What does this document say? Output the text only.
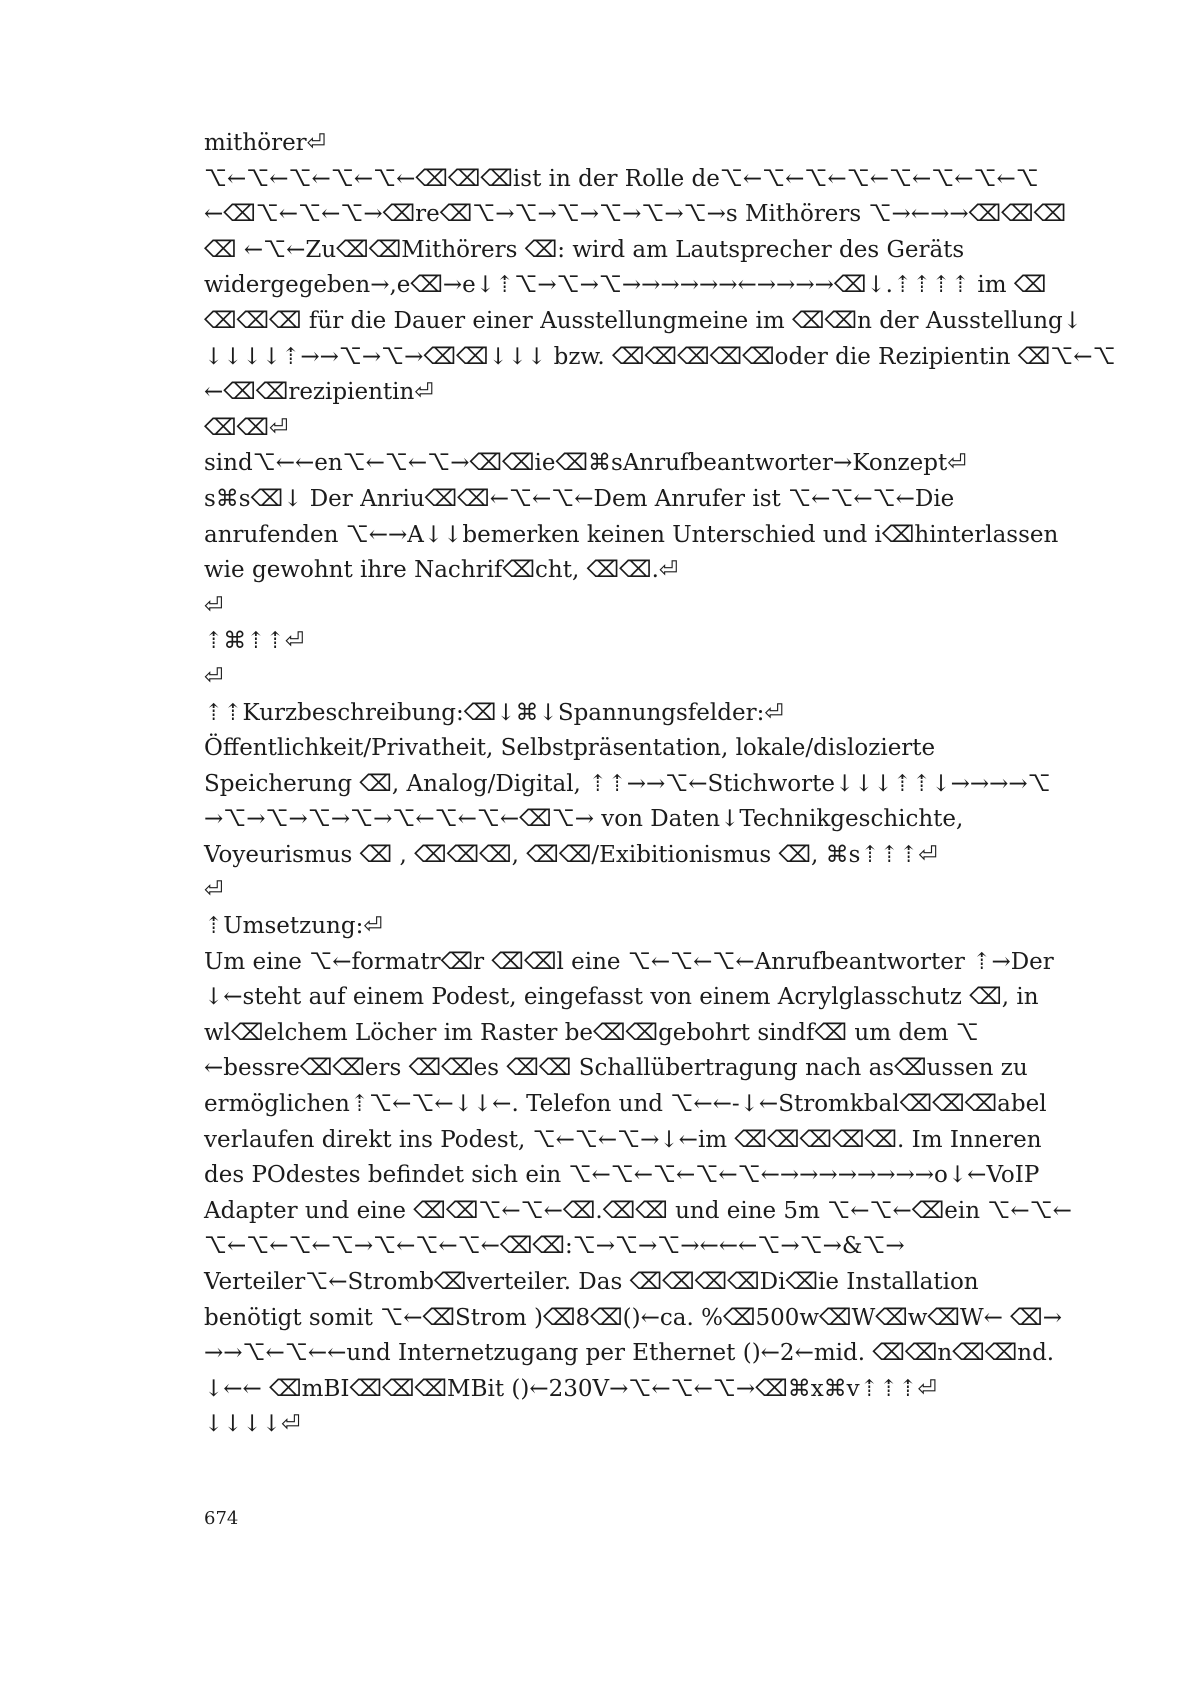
mithörer⏎
⌥←⌥←⌥←⌥←⌥←⌫⌫⌫ist in der Rolle de⌥←⌥←⌥←⌥←⌥←⌥←⌥←⌥
←⌫⌥←⌥←⌥→⌫re⌫⌥→⌥→⌥→⌥→⌥→⌥→s Mithörers ⌥→←→→⌫⌫⌫
⌫ ←⌥←Zu⌫⌫Mithörers ⌫: wird am Lautsprecher des Geräts
widergegeben→,e⌫→e↓⇡⌥→⌥→⌥→→→→→→←→→→→⌫↓.⇡⇡⇡⇡ im ⌫
⌫⌫⌫ für die Dauer einer Ausstellungmeine im ⌫⌫n der Ausstellung↓
↓↓↓↓⇡→→⌥→⌥→⌫⌫↓↓↓ bzw. ⌫⌫⌫⌫⌫oder die Rezipientin ⌫⌥←⌥
←⌫⌫rezipientin⏎
⌫⌫⏎
sind⌥←←en⌥←⌥←⌥→⌫⌫ie⌫⌘sAnrufbeantworter→Konzept⏎
s⌘s⌫↓ Der Anriu⌫⌫←⌥←⌥←Dem Anrufer ist ⌥←⌥←⌥←Die
anrufenden ⌥←→A↓↓bemerken keinen Unterschied und i⌫hinterlassen
wie gewohnt ihre Nachrif⌫cht, ⌫⌫.⏎
⏎
⇡⌘⇡⇡⏎
⏎
⇡⇡Kurzbeschreibung:⌫↓⌘↓Spannungsfelder:⏎
Öffentlichkeit/Privatheit, Selbstpräsentation, lokale/dislozierte
Speicherung ⌫, Analog/Digital, ⇡⇡→→⌥←Stichworte↓↓↓⇡⇡↓→→→→⌥
→⌥→⌥→⌥→⌥→⌥←⌥←⌥←⌫⌥→ von Daten↓Technikgeschichte,
Voyeurismus ⌫ , ⌫⌫⌫, ⌫⌫/Exibitionismus ⌫, ⌘s⇡⇡⇡⏎
⏎
⇡Umsetzung:⏎
Um eine ⌥←formatr⌫r ⌫⌫l eine ⌥←⌥←⌥←Anrufbeantworter ⇡→Der
↓←steht auf einem Podest, eingefasst von einem Acrylglasschutz ⌫, in
wl⌫elchem Löcher im Raster be⌫⌫gebohrt sindf⌫ um dem ⌥
←bessre⌫⌫ers ⌫⌫es ⌫⌫ Schallübertragung nach as⌫ussen zu
ermöglichen⇡⌥←⌥←↓↓←. Telefon und ⌥←←-↓←Stromkbal⌫⌫⌫abel
verlaufen direkt ins Podest, ⌥←⌥←⌥→↓←im ⌫⌫⌫⌫⌫. Im Inneren
des POdestes befindet sich ein ⌥←⌥←⌥←⌥←⌥←→→→→→→→→o↓←VoIP
Adapter und eine ⌫⌫⌥←⌥←⌫.⌫⌫ und eine 5m ⌥←⌥←⌫ein ⌥←⌥←
⌥←⌥←⌥←⌥→⌥←⌥←⌥←⌫⌫:⌥→⌥→⌥→←←←⌥→⌥→&⌥→
Verteiler⌥←Stromb⌫verteiler. Das ⌫⌫⌫⌫Di⌫ie Installation
benötigt somit ⌥←⌫Strom )⌫8⌫()←ca. %⌫500w⌫W⌫w⌫W← ⌫→
→→⌥←⌥←←und Internetzugang per Ethernet ()←2←mid. ⌫⌫n⌫⌫nd.
↓←← ⌫mBI⌫⌫⌫MBit ()←230V→⌥←⌥←⌥→⌫⌘x⌘v⇡⇡⇡⏎
↓↓↓↓⏎
674
